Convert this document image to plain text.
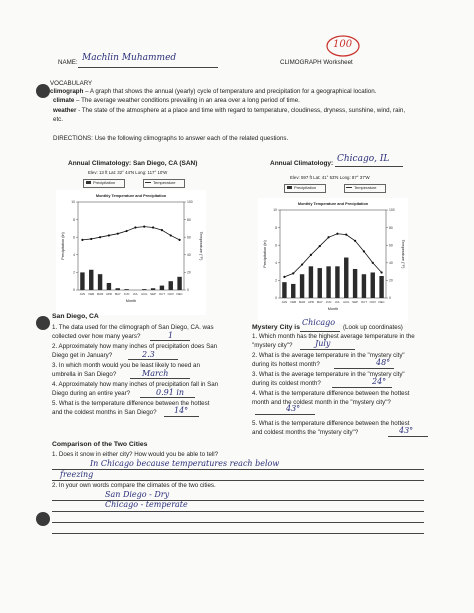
NAME: Machlin Muhammed	CLIMOGRAPH Worksheet
100
VOCABULARY
climograph – A graph that shows the annual (yearly) cycle of temperature and precipitation for a geographical location.
climate – The average weather conditions prevailing in an area over a long period of time.
weather - The state of the atmosphere at a place and time with regard to temperature, cloudiness, dryness, sunshine, wind, rain,
etc.
DIRECTIONS: Use the following climographs to answer each of the related questions.
Annual Climatology: San Diego, CA (SAN)
Elev: 13 ft Lat: 32° 44'N Long: 117° 10'W
Precipitation	Temperature
Monthly Temperature and Precipitation
0
2
4
6
8
10
0
20
40
60
80
100
JAN FEB MAR APR MAY JUN JUL AUG SEP OCT NOV DEC
Month
Precipitation (in)	Temperature (°F)
Annual Climatology: Chicago, IL
Elev: 597 ft Lat: 41° 53'N Long: 87° 37'W
Precipitation	Temperature
Monthly Temperature and Precipitation
0
2
4
6
8
10
0
20
40
60
80
100
JAN FEB MAR APR MAY JUN JUL AUG SEP OCT NOV DEC
Month
Precipitation (in)	Temperature (°F)
San Diego, CA
1. The data used for the climograph of San Diego, CA. was
collected over how many years?	1
2. Approximately how many inches of precipitation does San
Diego get in January?	2.3
3. In which month would you be least likely to need an
umbrella in San Diego?	March
4. Approximately how many inches of precipitation fall in San
Diego during an entire year?	0.91 in
5. What is the temperature difference between the hottest
and the coldest months in San Diego? 14°
Mystery City is
Chicago
(Look up coordinates)
1. Which month has the highest average temperature in the
"mystery city"?	July
2. What is the average temperature in the "mystery city"
during its hottest month?	48°
3. What is the average temperature in the "mystery city"
during its coldest month?	24°
4. What is the temperature difference between the hottest
month and the coldest month in the "mystery city"?
43°
5. What is the temperature difference between the hottest
and coldest months the "mystery city"?	43°
Comparison of the Two Cities
1. Does it snow in either city? How would you be able to tell?
In Chicago because temperatures reach below
freezing
2. In your own words compare the climates of the two cities.
San Diego - Dry
Chicago - temperate
